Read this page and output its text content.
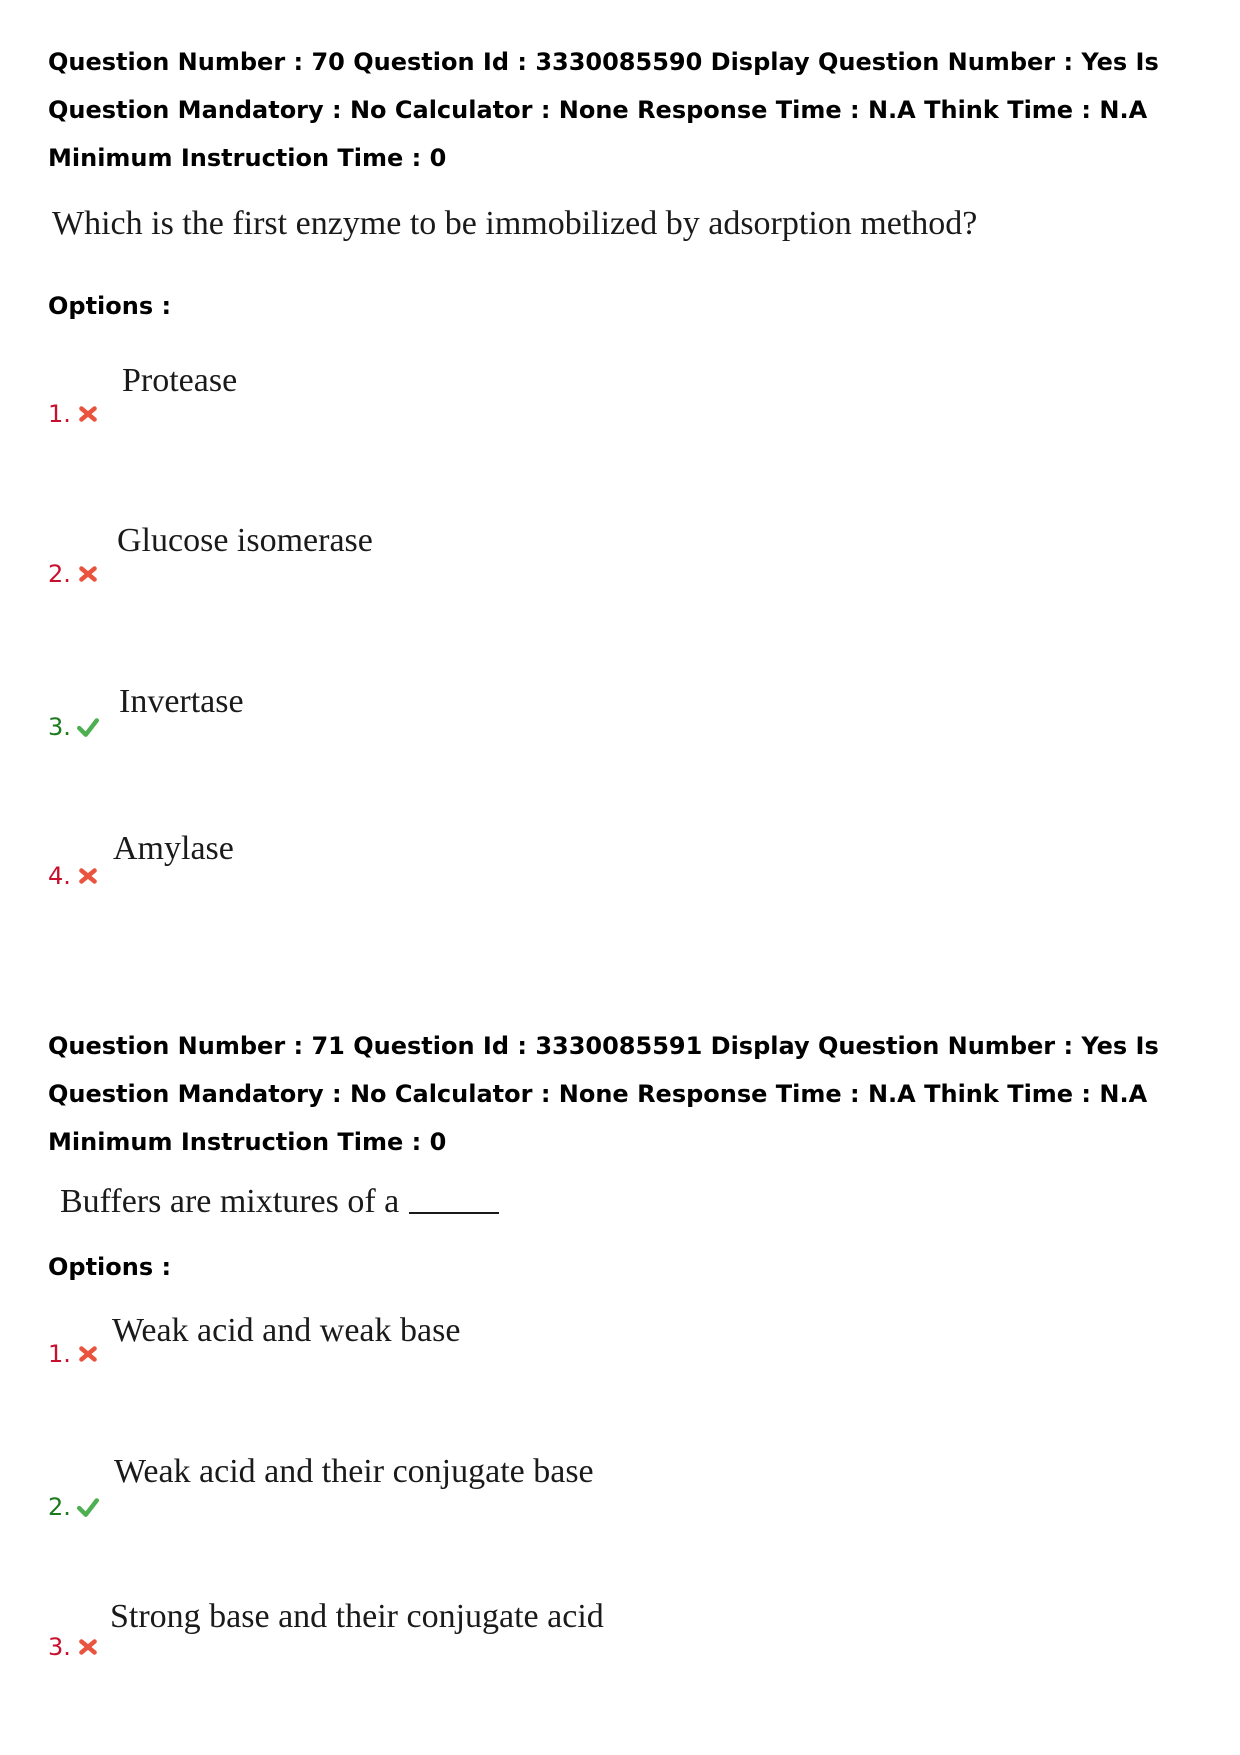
Question Number : 70 Question Id : 3330085590 Display Question Number : Yes Is Question Mandatory : No Calculator : None Response Time : N.A Think Time : N.A Minimum Instruction Time : 0

Which is the first enzyme to be immobilized by adsorption method?

Options :

1.
Protease
2.
Glucose isomerase
3.
Invertase
4.
Amylase

Question Number : 71 Question Id : 3330085591 Display Question Number : Yes Is Question Mandatory : No Calculator : None Response Time : N.A Think Time : N.A Minimum Instruction Time : 0

Buffers are mixtures of a

Options :

1.
Weak acid and weak base
2.
Weak acid and their conjugate base
3.
Strong base and their conjugate acid
